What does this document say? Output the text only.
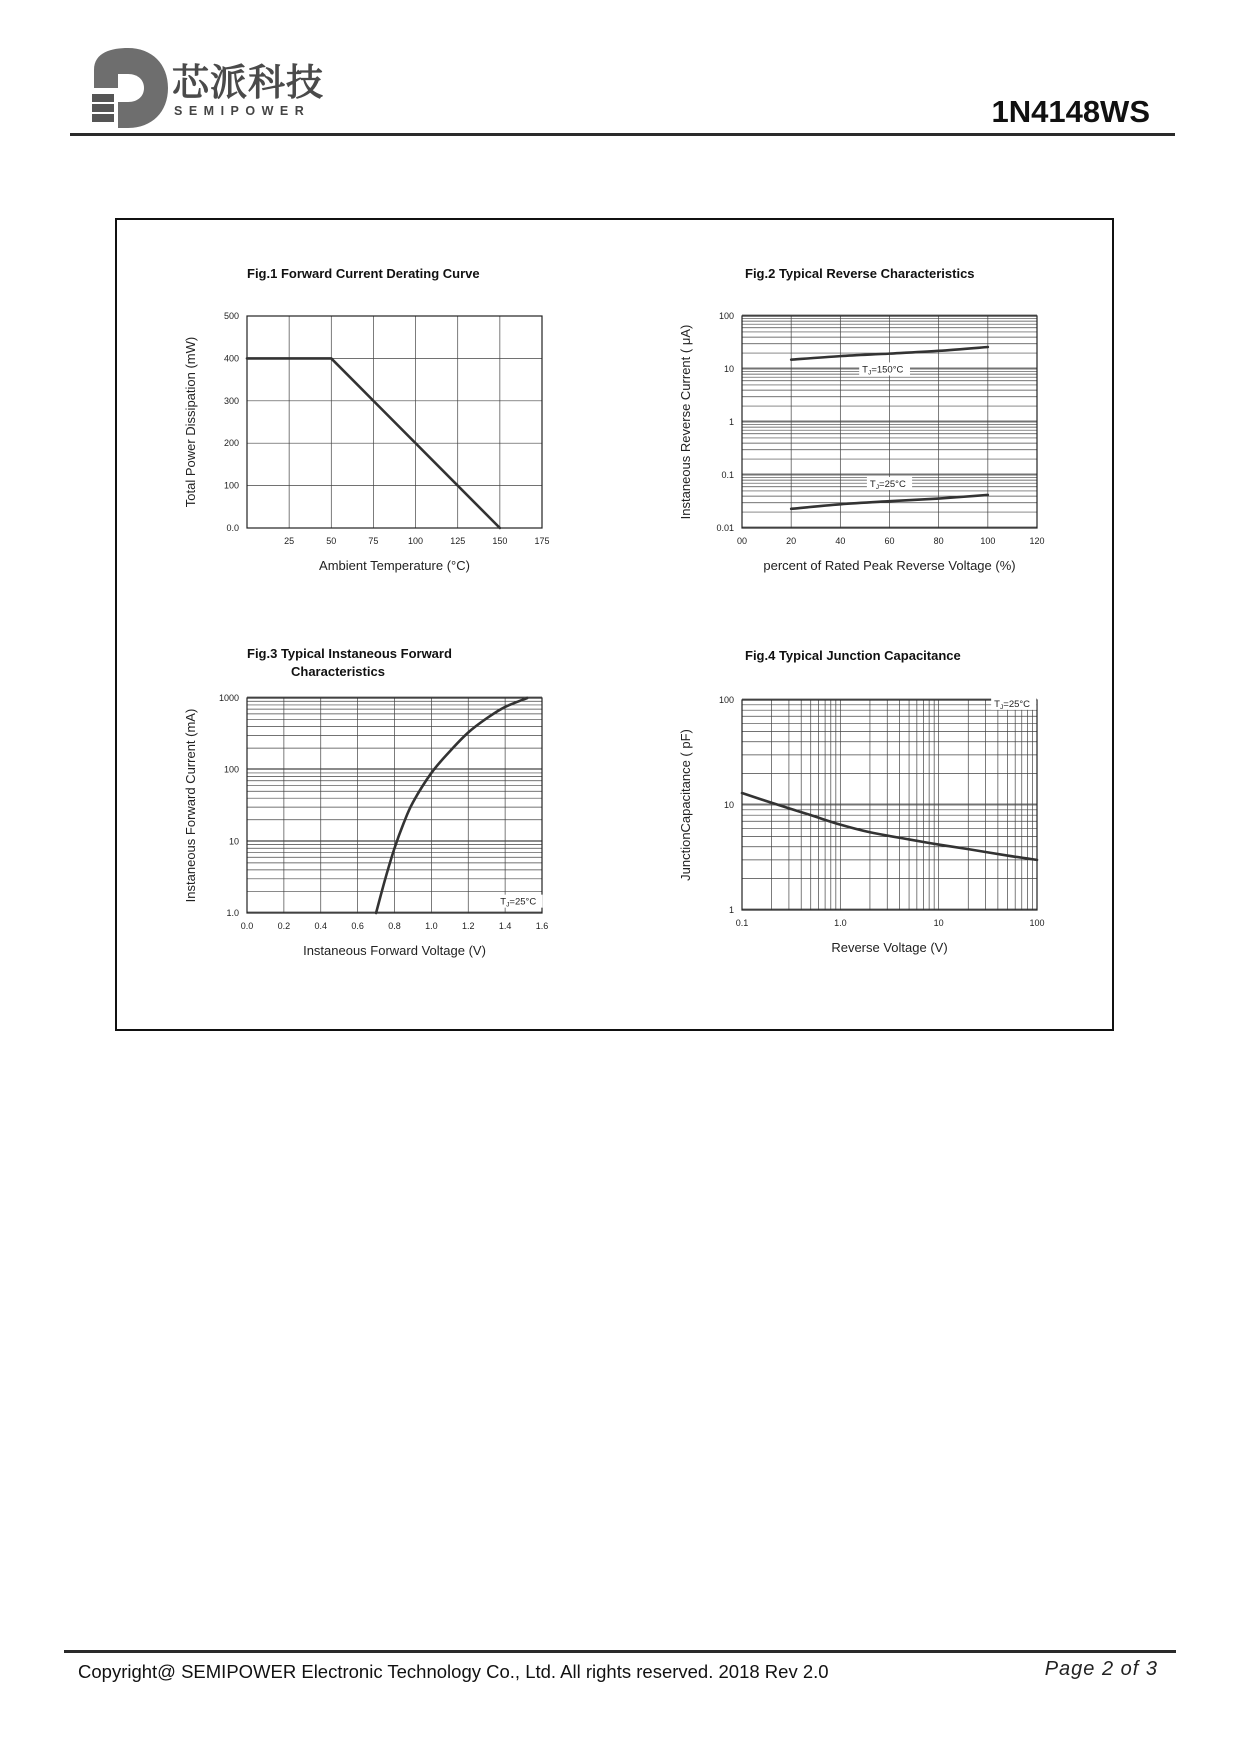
芯派科技
SEMIPOWER	1N4148WS
Fig.1 Forward Current Derating Curve
25	50	75	100	125	150	175
0.0
100
200
300
400
500
Ambient Temperature (°C)
Total Power Dissipation (mW)
Fig.2 Typical Reverse Characteristics
00	20	40	60	80	100	120
0.01
0.1
1
10
100
percent of Rated Peak Reverse Voltage (%)
Instaneous Reverse Current ( μA)	$T_J=150^\circ C$
$T_J=25^\circ C$
Fig.3 Typical Instaneous Forward
Characteristics
0.0	0.2	0.4	0.6	0.8	1.0	1.2	1.4	1.6
1.0
10
100
1000
Instaneous Forward Voltage (V)
Instaneous Forward Current (mA)	$T_J=25^\circ C$
Fig.4 Typical Junction Capacitance
0.1	1.0	10	100
1
10
100
Reverse Voltage (V)
JunctionCapacitance ( pF)
$T_J=25^\circ C$
Copyright@ SEMIPOWER Electronic Technology Co., Ltd. All rights reserved. 2018 Rev 2.0	Page 2 of 3
